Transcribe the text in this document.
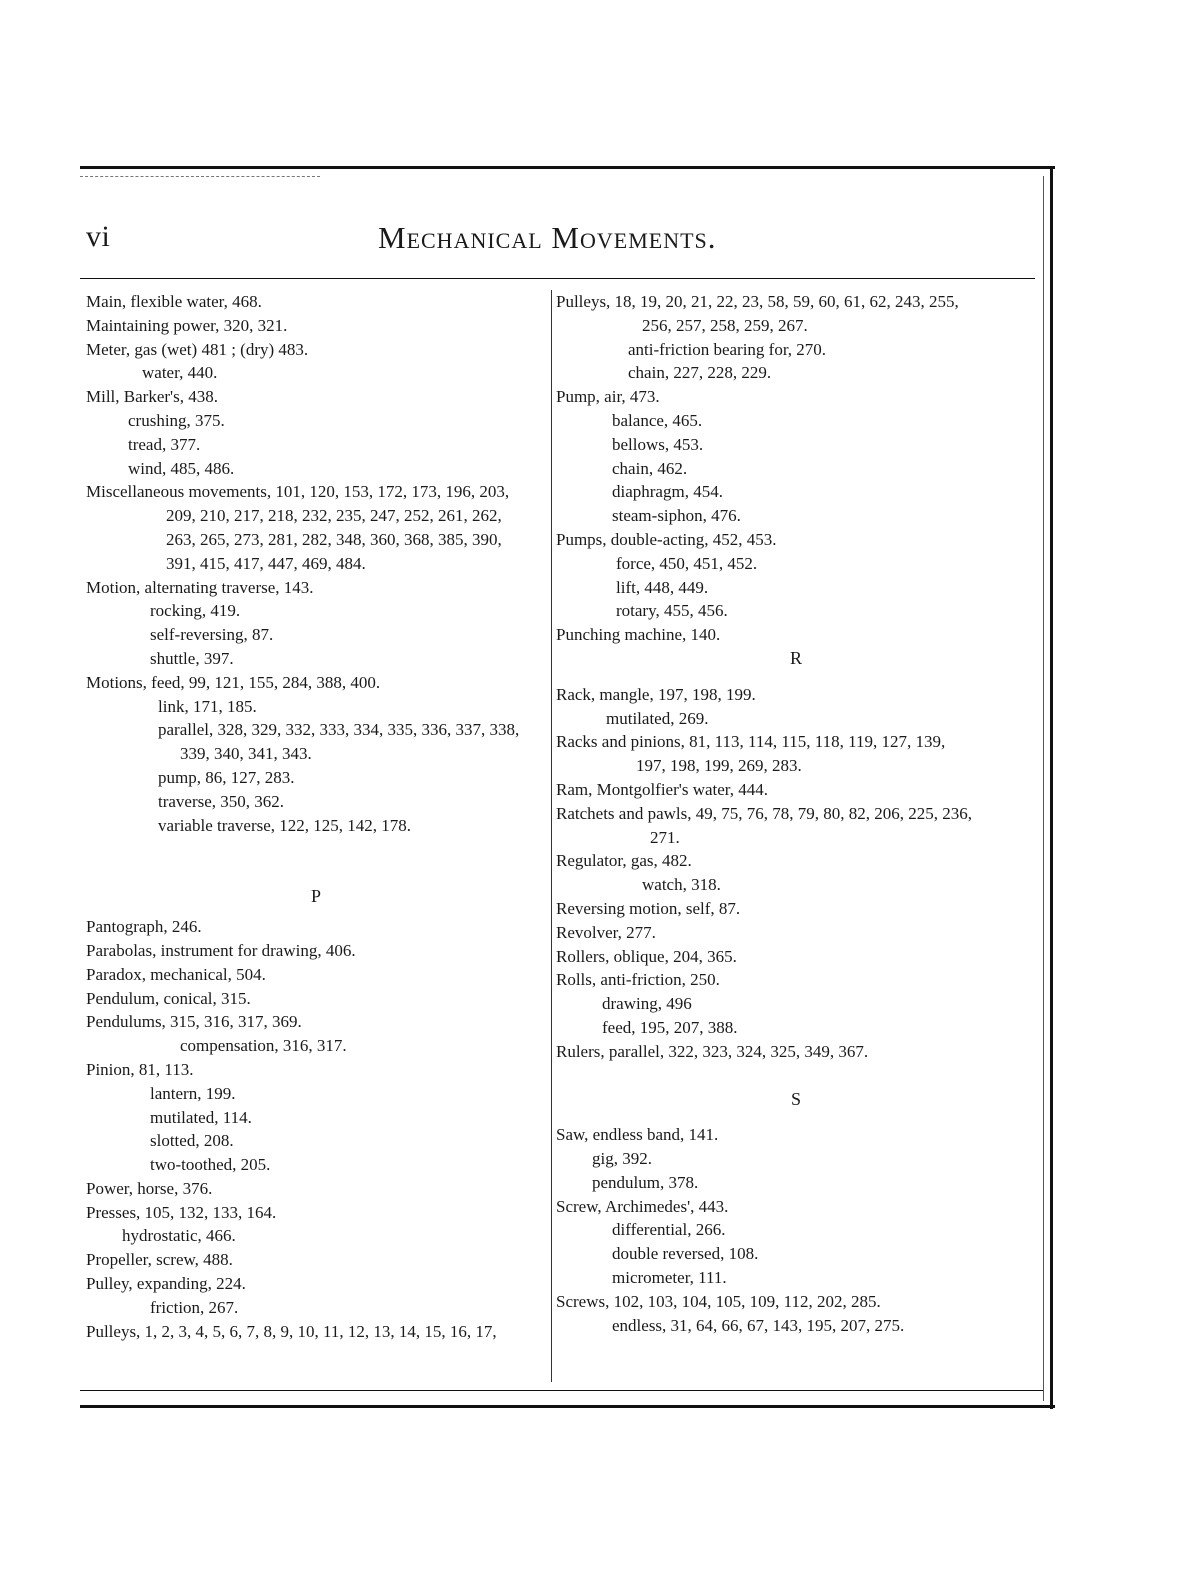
vi	Mechanical Movements.
Main, flexible water, 468.
Maintaining power, 320, 321.
Meter, gas (wet) 481 ; (dry) 483.
water, 440.
Mill, Barker's, 438.
crushing, 375.
tread, 377.
wind, 485, 486.
Miscellaneous movements, 101, 120, 153, 172, 173, 196, 203,
209, 210, 217, 218, 232, 235, 247, 252, 261, 262,
263, 265, 273, 281, 282, 348, 360, 368, 385, 390,
391, 415, 417, 447, 469, 484.
Motion, alternating traverse, 143.
rocking, 419.
self-reversing, 87.
shuttle, 397.
Motions, feed, 99, 121, 155, 284, 388, 400.
link, 171, 185.
parallel, 328, 329, 332, 333, 334, 335, 336, 337, 338,
339, 340, 341, 343.
pump, 86, 127, 283.
traverse, 350, 362.
variable traverse, 122, 125, 142, 178.
P
Pantograph, 246.
Parabolas, instrument for drawing, 406.
Paradox, mechanical, 504.
Pendulum, conical, 315.
Pendulums, 315, 316, 317, 369.
compensation, 316, 317.
Pinion, 81, 113.
lantern, 199.
mutilated, 114.
slotted, 208.
two-toothed, 205.
Power, horse, 376.
Presses, 105, 132, 133, 164.
hydrostatic, 466.
Propeller, screw, 488.
Pulley, expanding, 224.
friction, 267.
Pulleys, 1, 2, 3, 4, 5, 6, 7, 8, 9, 10, 11, 12, 13, 14, 15, 16, 17,
Pulleys, 18, 19, 20, 21, 22, 23, 58, 59, 60, 61, 62, 243, 255,
256, 257, 258, 259, 267.
anti-friction bearing for, 270.
chain, 227, 228, 229.
Pump, air, 473.
balance, 465.
bellows, 453.
chain, 462.
diaphragm, 454.
steam-siphon, 476.
Pumps, double-acting, 452, 453.
force, 450, 451, 452.
lift, 448, 449.
rotary, 455, 456.
Punching machine, 140.
R
Rack, mangle, 197, 198, 199.
mutilated, 269.
Racks and pinions, 81, 113, 114, 115, 118, 119, 127, 139,
197, 198, 199, 269, 283.
Ram, Montgolfier's water, 444.
Ratchets and pawls, 49, 75, 76, 78, 79, 80, 82, 206, 225, 236,
271.
Regulator, gas, 482.
watch, 318.
Reversing motion, self, 87.
Revolver, 277.
Rollers, oblique, 204, 365.
Rolls, anti-friction, 250.
drawing, 496
feed, 195, 207, 388.
Rulers, parallel, 322, 323, 324, 325, 349, 367.
S
Saw, endless band, 141.
gig, 392.
pendulum, 378.
Screw, Archimedes', 443.
differential, 266.
double reversed, 108.
micrometer, 111.
Screws, 102, 103, 104, 105, 109, 112, 202, 285.
endless, 31, 64, 66, 67, 143, 195, 207, 275.
